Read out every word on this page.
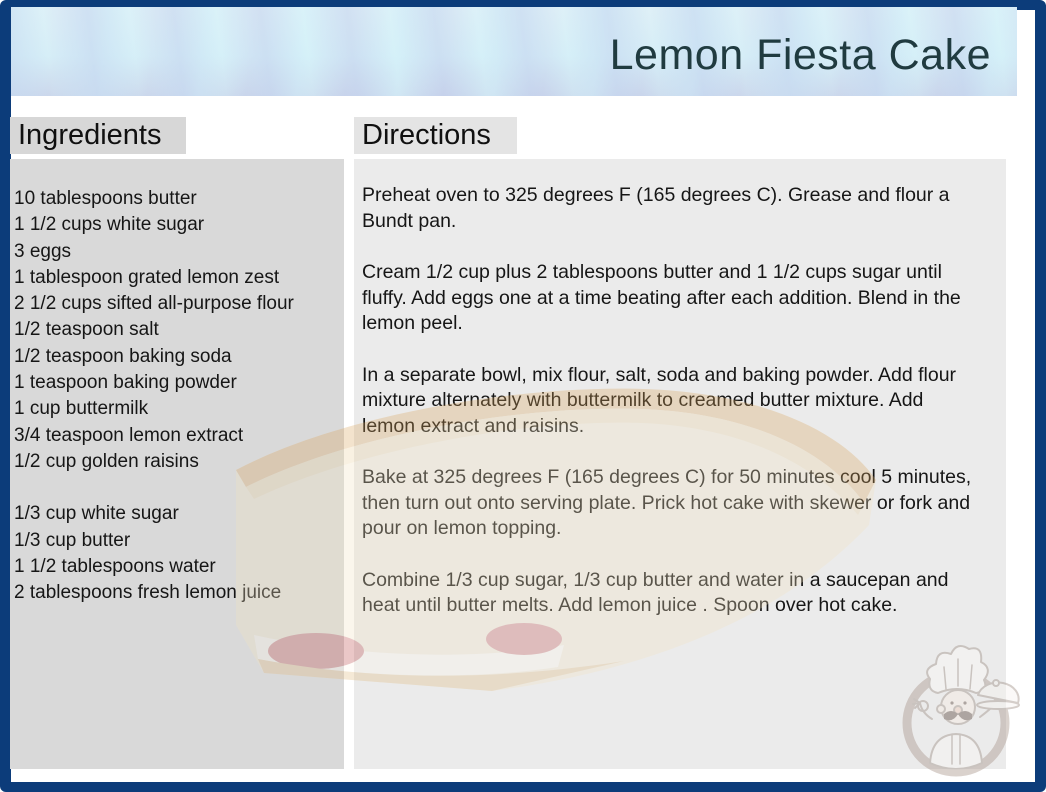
Lemon Fiesta Cake
Ingredients
10 tablespoons butter
1 1/2 cups white sugar
3 eggs
1 tablespoon grated lemon zest
2 1/2 cups sifted all-purpose flour
1/2 teaspoon salt
1/2 teaspoon baking soda
1 teaspoon baking powder
1 cup buttermilk
3/4 teaspoon lemon extract
1/2 cup golden raisins
1/3 cup white sugar
1/3 cup butter
1 1/2 tablespoons water
2 tablespoons fresh lemon juice
Directions

Preheat oven to 325 degrees F (165 degrees C). Grease and flour a Bundt pan.

Cream 1/2 cup plus 2 tablespoons butter and 1 1/2 cups sugar until fluffy. Add eggs one at a time beating after each addition. Blend in the lemon peel.

In a separate bowl, mix flour, salt, soda and baking powder. Add flour mixture alternately with buttermilk to creamed butter mixture. Add lemon extract and raisins.

Bake at 325 degrees F (165 degrees C) for 50 minutes cool 5 minutes, then turn out onto serving plate. Prick hot cake with skewer or fork and pour on lemon topping.

Combine 1/3 cup sugar, 1/3 cup butter and water in a saucepan and heat until butter melts. Add lemon juice . Spoon over hot cake.
